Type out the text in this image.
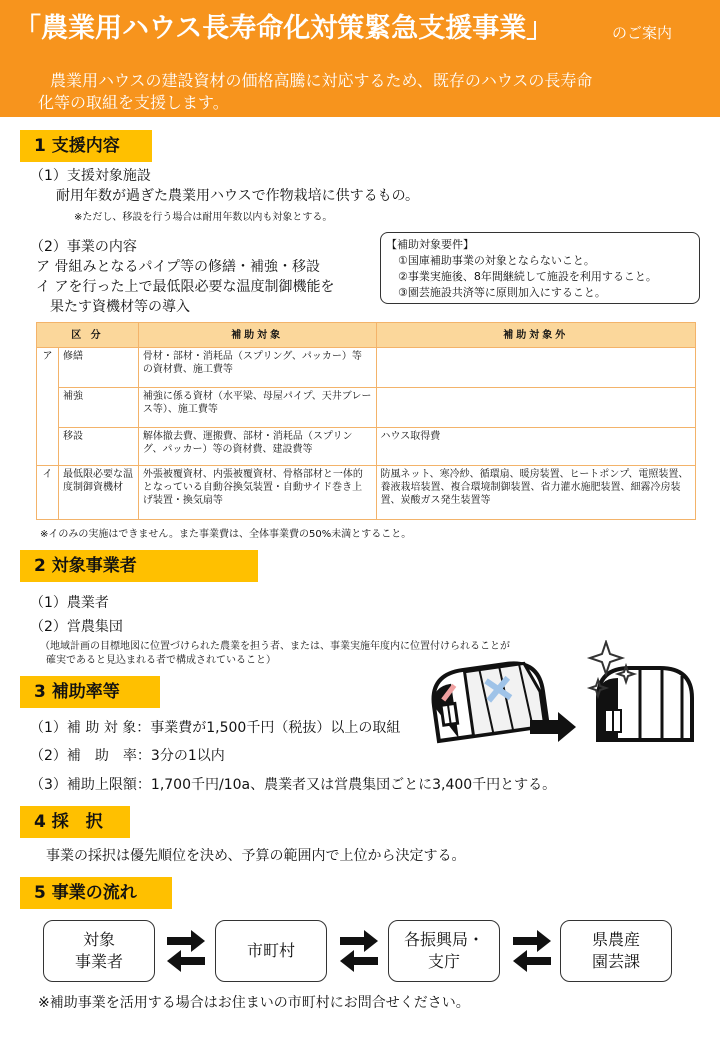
「農業用ハウス長寿命化対策緊急支援事業」	のご案内
農業用ハウスの建設資材の価格高騰に対応するため、既存のハウスの長寿命
化等の取組を支援します。
1 支援内容
（1）支援対象施設
耐用年数が過ぎた農業用ハウスで作物栽培に供するもの。
※ただし、移設を行う場合は耐用年数以内も対象とする。
（2）事業の内容
ア 骨組みとなるパイプ等の修繕・補強・移設
イ アを行った上で最低限必要な温度制御機能を
果たす資機材等の導入
【補助対象要件】
①国庫補助事業の対象とならないこと。
②事業実施後、8年間継続して施設を利用すること。
③園芸施設共済等に原則加入にすること。
区 分		補助対象	補助対象外
ア	修繕	骨材・部材・消耗品（スプリング、パッカー）等の資材費、施工費等	
	補強	補強に係る資材（水平梁、母屋パイプ、天井ブレース等）、施工費等	
	移設	解体撤去費、運搬費、部材・消耗品（スプリング、パッカー）等の資材費、建設費等	ハウス取得費
イ	最低限必要な温度制御資機材	外張被覆資材、内張被覆資材、骨格部材と一体的となっている自動谷換気装置・自動サイド巻き上げ装置・換気扇等	防風ネット、寒冷紗、循環扇、暖房装置、ヒートポンプ、電照装置、養液栽培装置、複合環境制御装置、省力灌水施肥装置、細霧冷房装置、炭酸ガス発生装置等
※イのみの実施はできません。また事業費は、全体事業費の50%未満とすること。
2 対象事業者
（1）農業者
（2）営農集団
（地域計画の目標地図に位置づけられた農業を担う者、または、事業実施年度内に位置付けられることが
確実であると見込まれる者で構成されていること）
3 補助率等
（1）補 助 対 象：事業費が1,500千円（税抜）以上の取組
（2）補　助　率：3分の1以内
（3）補助上限額：1,700千円/10a、農業者又は営農集団ごとに3,400千円とする。
4 採　択
事業の採択は優先順位を決め、予算の範囲内で上位から決定する。
5 事業の流れ
対象
事業者
市町村
各振興局・
支庁
県農産
園芸課
※補助事業を活用する場合はお住まいの市町村にお問合せください。
